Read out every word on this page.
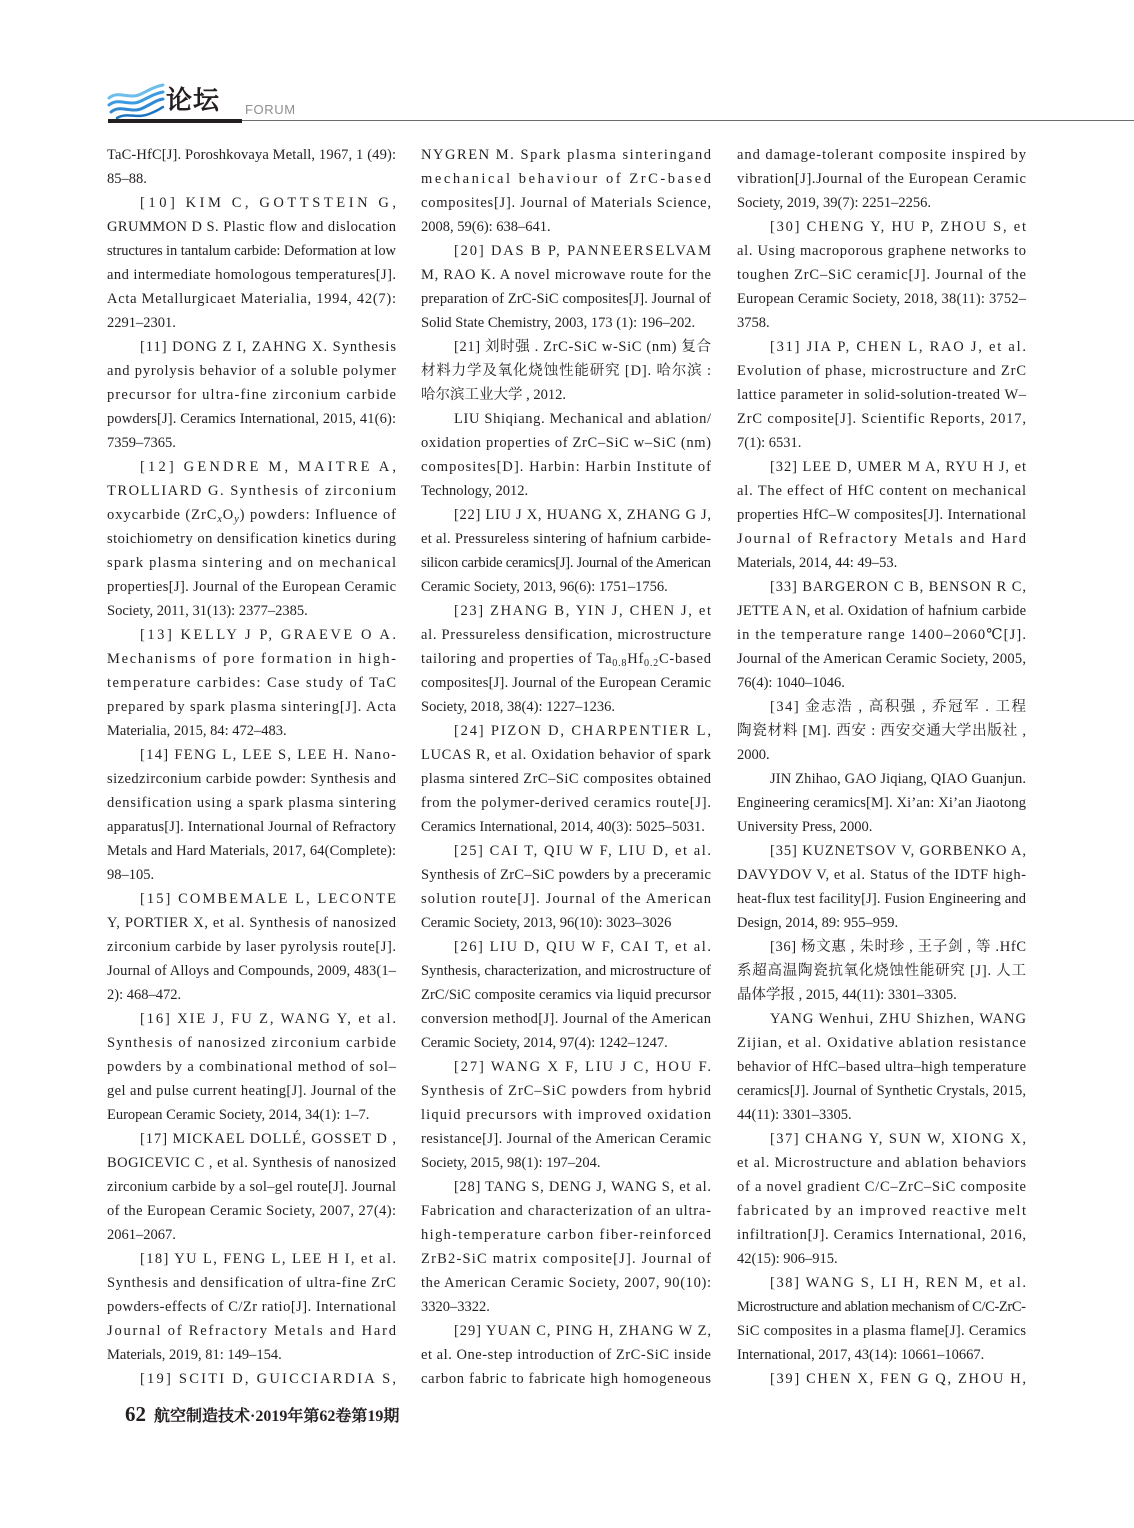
论坛 FORUM
TaC-HfC[J]. Poroshkovaya Metall, 1967, 1 (49):
85–88.
[10] KIM C, GOTTSTEIN G,
GRUMMON D S. Plastic flow and dislocation
structures in tantalum carbide: Deformation at low
and intermediate homologous temperatures[J].
Acta Metallurgicaet Materialia, 1994, 42(7):
2291–2301.
[11] DONG Z I, ZAHNG X. Synthesis
and pyrolysis behavior of a soluble polymer
precursor for ultra-fine zirconium carbide
powders[J]. Ceramics International, 2015, 41(6):
7359–7365.
[12] GENDRE M, MAITRE A,
TROLLIARD G. Synthesis of zirconium
oxycarbide $(ZrC_xO_y)$ powders: Influence of
stoichiometry on densification kinetics during
spark plasma sintering and on mechanical
properties[J]. Journal of the European Ceramic
Society, 2011, 31(13): 2377–2385.
[13] KELLY J P, GRAEVE O A.
Mechanisms of pore formation in high-
temperature carbides: Case study of TaC
prepared by spark plasma sintering[J]. Acta
Materialia, 2015, 84: 472–483.
[14] FENG L, LEE S, LEE H. Nano-
sizedzirconium carbide powder: Synthesis and
densification using a spark plasma sintering
apparatus[J]. International Journal of Refractory
Metals and Hard Materials, 2017, 64(Complete):
98–105.
[15] COMBEMALE L, LECONTE
Y, PORTIER X, et al. Synthesis of nanosized
zirconium carbide by laser pyrolysis route[J].
Journal of Alloys and Compounds, 2009, 483(1–
2): 468–472.
[16] XIE J, FU Z, WANG Y, et al.
Synthesis of nanosized zirconium carbide
powders by a combinational method of sol–
gel and pulse current heating[J]. Journal of the
European Ceramic Society, 2014, 34(1): 1–7.
[17] MICKAEL DOLLÉ, GOSSET D ,
BOGICEVIC C , et al. Synthesis of nanosized
zirconium carbide by a sol–gel route[J]. Journal
of the European Ceramic Society, 2007, 27(4):
2061–2067.
[18] YU L, FENG L, LEE H I, et al.
Synthesis and densification of ultra-fine ZrC
powders-effects of C/Zr ratio[J]. International
Journal of Refractory Metals and Hard
Materials, 2019, 81: 149–154.
[19] SCITI D, GUICCIARDIA S,
NYGREN M. Spark plasma sinteringand
mechanical behaviour of ZrC-based
composites[J]. Journal of Materials Science,
2008, 59(6): 638–641.
[20] DAS B P, PANNEERSELVAM
M, RAO K. A novel microwave route for the
preparation of ZrC-SiC composites[J]. Journal of
Solid State Chemistry, 2003, 173 (1): 196–202.
[21] 刘时强 . ZrC-SiC w-SiC (nm) 复合
材料力学及氧化烧蚀性能研究 [D]. 哈尔滨 :
哈尔滨工业大学 , 2012.
LIU Shiqiang. Mechanical and ablation/
oxidation properties of ZrC–SiC w–SiC (nm)
composites[D]. Harbin: Harbin Institute of
Technology, 2012.
[22] LIU J X, HUANG X, ZHANG G J,
et al. Pressureless sintering of hafnium carbide-
silicon carbide ceramics[J]. Journal of the American
Ceramic Society, 2013, 96(6): 1751–1756.
[23] ZHANG B, YIN J, CHEN J, et
al. Pressureless densification, microstructure
tailoring and properties of $Ta_{0.8}Hf_{0.2}C$-based
composites[J]. Journal of the European Ceramic
Society, 2018, 38(4): 1227–1236.
[24] PIZON D, CHARPENTIER L,
LUCAS R, et al. Oxidation behavior of spark
plasma sintered ZrC–SiC composites obtained
from the polymer-derived ceramics route[J].
Ceramics International, 2014, 40(3): 5025–5031.
[25] CAI T, QIU W F, LIU D, et al.
Synthesis of ZrC–SiC powders by a preceramic
solution route[J]. Journal of the American
Ceramic Society, 2013, 96(10): 3023–3026
[26] LIU D, QIU W F, CAI T, et al.
Synthesis, characterization, and microstructure of
ZrC/SiC composite ceramics via liquid precursor
conversion method[J]. Journal of the American
Ceramic Society, 2014, 97(4): 1242–1247.
[27] WANG X F, LIU J C, HOU F.
Synthesis of ZrC–SiC powders from hybrid
liquid precursors with improved oxidation
resistance[J]. Journal of the American Ceramic
Society, 2015, 98(1): 197–204.
[28] TANG S, DENG J, WANG S, et al.
Fabrication and characterization of an ultra-
high-temperature carbon fiber-reinforced
ZrB2-SiC matrix composite[J]. Journal of
the American Ceramic Society, 2007, 90(10):
3320–3322.
[29] YUAN C, PING H, ZHANG W Z,
et al. One-step introduction of ZrC-SiC inside
carbon fabric to fabricate high homogeneous
and damage-tolerant composite inspired by
vibration[J].Journal of the European Ceramic
Society, 2019, 39(7): 2251–2256.
[30] CHENG Y, HU P, ZHOU S, et
al. Using macroporous graphene networks to
toughen ZrC–SiC ceramic[J]. Journal of the
European Ceramic Society, 2018, 38(11): 3752–
3758.
[31] JIA P, CHEN L, RAO J, et al.
Evolution of phase, microstructure and ZrC
lattice parameter in solid-solution-treated W–
ZrC composite[J]. Scientific Reports, 2017,
7(1): 6531.
[32] LEE D, UMER M A, RYU H J, et
al. The effect of HfC content on mechanical
properties HfC–W composites[J]. International
Journal of Refractory Metals and Hard
Materials, 2014, 44: 49–53.
[33] BARGERON C B, BENSON R C,
JETTE A N, et al. Oxidation of hafnium carbide
in the temperature range 1400–2060℃[J].
Journal of the American Ceramic Society, 2005,
76(4): 1040–1046.
[34] 金志浩 , 高积强 , 乔冠军 . 工程
陶瓷材料 [M]. 西安 : 西安交通大学出版社 ,
2000.
JIN Zhihao, GAO Jiqiang, QIAO Guanjun.
Engineering ceramics[M]. Xi’an: Xi’an Jiaotong
University Press, 2000.
[35] KUZNETSOV V, GORBENKO A,
DAVYDOV V, et al. Status of the IDTF high-
heat-flux test facility[J]. Fusion Engineering and
Design, 2014, 89: 955–959.
[36] 杨文惠 , 朱时珍 , 王子剑 , 等 .HfC
系超高温陶瓷抗氧化烧蚀性能研究 [J]. 人工
晶体学报 , 2015, 44(11): 3301–3305.
YANG Wenhui, ZHU Shizhen, WANG
Zijian, et al. Oxidative ablation resistance
behavior of HfC–based ultra–high temperature
ceramics[J]. Journal of Synthetic Crystals, 2015,
44(11): 3301–3305.
[37] CHANG Y, SUN W, XIONG X,
et al. Microstructure and ablation behaviors
of a novel gradient C/C–ZrC–SiC composite
fabricated by an improved reactive melt
infiltration[J]. Ceramics International, 2016,
42(15): 906–915.
[38] WANG S, LI H, REN M, et al.
Microstructure and ablation mechanism of C/C-ZrC-
SiC composites in a plasma flame[J]. Ceramics
International, 2017, 43(14): 10661–10667.
[39] CHEN X, FEN G Q, ZHOU H,
62 航空制造技术·2019年第62卷第19期
